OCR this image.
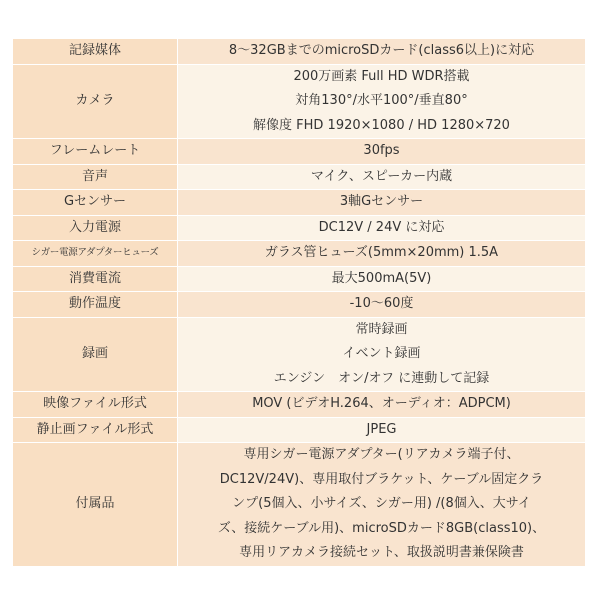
記録媒体	8〜32GBまでのmicroSDカード(class6以上)に対応

カメラ	200万画素 Full HD WDR搭載
対角130°/水平100°/垂直80°
解像度 FHD 1920×1080 / HD 1280×720

フレームレート	30fps

音声	マイク、スピーカー内蔵

Gセンサー	3軸Gセンサー

入力電源	DC12V / 24V に対応

シガー電源アダプターヒューズ	ガラス管ヒューズ(5mm×20mm) 1.5A

消費電流	最大500mA(5V)

動作温度	-10〜60度

録画	常時録画
イベント録画
エンジン　オン/オフ に連動して記録

映像ファイル形式	MOV (ビデオH.264、オーディオ：ADPCM)

静止画ファイル形式	JPEG

付属品	専用シガー電源アダプター(リアカメラ端子付、
DC12V/24V)、専用取付ブラケット、ケーブル固定クラ
ンプ(5個入、小サイズ、シガー用) /(8個入、大サイ
ズ、接続ケーブル用)、microSDカード8GB(class10)、
専用リアカメラ接続セット、取扱説明書兼保険書
